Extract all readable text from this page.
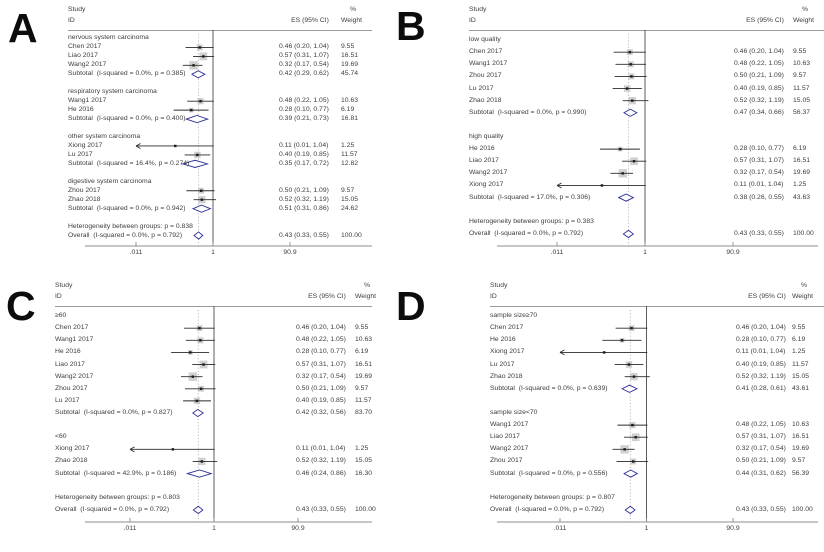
A	Study
ID	ES (95% CI)
%
Weight
.011	1	90.9
nervous system carcinoma
Chen 2017	0.46 (0.20, 1.04) 9.55
Liao 2017	0.57 (0.31, 1.07) 16.51
Wang2 2017	0.32 (0.17, 0.54) 19.69
Subtotal  (I-squared = 0.0%, p = 0.385)	0.42 (0.29, 0.62) 45.74
respiratory system carcinoma
Wang1 2017	0.48 (0.22, 1.05) 10.63
He 2016	0.28 (0.10, 0.77) 6.19
Subtotal  (I-squared = 0.0%, p = 0.400)	0.39 (0.21, 0.73) 16.81
other system carcinoma
Xiong 2017	0.11 (0.01, 1.04) 1.25
Lu 2017	0.40 (0.19, 0.85) 11.57
Subtotal  (I-squared = 16.4%, p = 0.274)	0.35 (0.17, 0.72) 12.82
digestive system carcinoma
Zhou 2017	0.50 (0.21, 1.09) 9.57
Zhao 2018	0.52 (0.32, 1.19) 15.05
Subtotal  (I-squared = 0.0%, p = 0.942)	0.51 (0.31, 0.86) 24.62
Heterogeneity between groups: p = 0.838
Overall  (I-squared = 0.0%, p = 0.792)	0.43 (0.33, 0.55) 100.00
B	Study
ID	ES (95% CI)
%
Weight
.011	1	90.9
low quality
Chen 2017	0.46 (0.20, 1.04) 9.55
Wang1 2017	0.48 (0.22, 1.05) 10.63
Zhou 2017	0.50 (0.21, 1.09) 9.57
Lu 2017	0.40 (0.19, 0.85) 11.57
Zhao 2018	0.52 (0.32, 1.19) 15.05
Subtotal  (I-squared = 0.0%, p = 0.990)	0.47 (0.34, 0.66) 56.37
high quality
He 2016	0.28 (0.10, 0.77) 6.19
Liao 2017	0.57 (0.31, 1.07) 16.51
Wang2 2017	0.32 (0.17, 0.54) 19.69
Xiong 2017	0.11 (0.01, 1.04) 1.25
Subtotal  (I-squared = 17.0%, p = 0.306)	0.38 (0.26, 0.55) 43.63
Heterogeneity between groups: p = 0.383
Overall  (I-squared = 0.0%, p = 0.792)	0.43 (0.33, 0.55) 100.00
C	Study
ID	ES (95% CI)
%
Weight
.011	1	90.9
≥60
Chen 2017	0.46 (0.20, 1.04) 9.55
Wang1 2017	0.48 (0.22, 1.05) 10.63
He 2016	0.28 (0.10, 0.77) 6.19
Liao 2017	0.57 (0.31, 1.07) 16.51
Wang2 2017	0.32 (0.17, 0.54) 19.69
Zhou 2017	0.50 (0.21, 1.09) 9.57
Lu 2017	0.40 (0.19, 0.85) 11.57
Subtotal  (I-squared = 0.0%, p = 0.827)	0.42 (0.32, 0.56) 83.70
<60
Xiong 2017	0.11 (0.01, 1.04) 1.25
Zhao 2018	0.52 (0.32, 1.19) 15.05
Subtotal  (I-squared = 42.9%, p = 0.186)	0.46 (0.24, 0.86) 16.30
Heterogeneity between groups: p = 0.803
Overall  (I-squared = 0.0%, p = 0.792)	0.43 (0.33, 0.55) 100.00
D	Study
ID	ES (95% CI)
%
Weight
.011	1	90.9
sample size≥70
Chen 2017	0.46 (0.20, 1.04) 9.55
He 2016	0.28 (0.10, 0.77) 6.19
Xiong 2017	0.11 (0.01, 1.04) 1.25
Lu 2017	0.40 (0.19, 0.85) 11.57
Zhao 2018	0.52 (0.32, 1.19) 15.05
Subtotal  (I-squared = 0.0%, p = 0.639)	0.41 (0.28, 0.61) 43.61
sample size<70
Wang1 2017	0.48 (0.22, 1.05) 10.63
Liao 2017	0.57 (0.31, 1.07) 16.51
Wang2 2017	0.32 (0.17, 0.54) 19.69
Zhou 2017	0.50 (0.21, 1.09) 9.57
Subtotal  (I-squared = 0.0%, p = 0.556)	0.44 (0.31, 0.62) 56.39
Heterogeneity between groups: p = 0.807
Overall  (I-squared = 0.0%, p = 0.792)	0.43 (0.33, 0.55) 100.00
